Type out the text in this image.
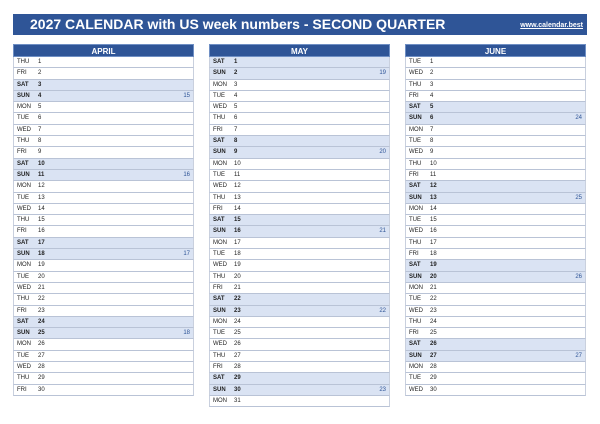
2027 CALENDAR with US week numbers - SECOND QUARTER	www.calendar.best
APRIL
THU 1
FRI 2
SAT 3
SUN 4	15
MON 5
TUE 6
WED 7
THU 8
FRI 9
SAT 10
SUN 11	16
MON 12
TUE 13
WED 14
THU 15
FRI 16
SAT 17
SUN 18	17
MON 19
TUE 20
WED 21
THU 22
FRI 23
SAT 24
SUN 25	18
MON 26
TUE 27
WED 28
THU 29
FRI 30
MAY
SAT 1
SUN 2	19
MON 3
TUE 4
WED 5
THU 6
FRI 7
SAT 8
SUN 9	20
MON 10
TUE 11
WED 12
THU 13
FRI 14
SAT 15
SUN 16	21
MON 17
TUE 18
WED 19
THU 20
FRI 21
SAT 22
SUN 23	22
MON 24
TUE 25
WED 26
THU 27
FRI 28
SAT 29
SUN 30	23
MON 31
JUNE
TUE 1
WED 2
THU 3
FRI 4
SAT 5
SUN 6	24
MON 7
TUE 8
WED 9
THU 10
FRI 11
SAT 12
SUN 13	25
MON 14
TUE 15
WED 16
THU 17
FRI 18
SAT 19
SUN 20	26
MON 21
TUE 22
WED 23
THU 24
FRI 25
SAT 26
SUN 27	27
MON 28
TUE 29
WED 30
